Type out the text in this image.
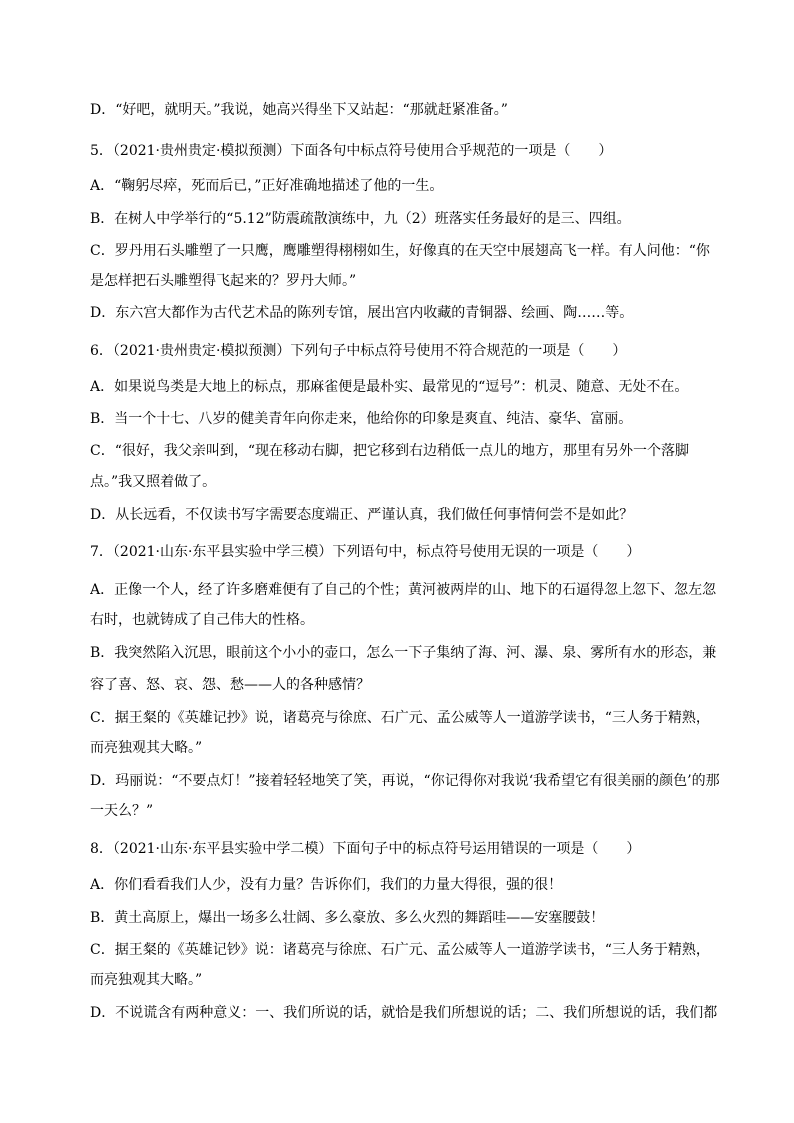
D．“好吧，就明天。”我说，她高兴得坐下又站起：“那就赶紧准备。”
5．（2021·贵州贵定·模拟预测）下面各句中标点符号使用合乎规范的一项是（　　）
A．“鞠躬尽瘁，死而后已，”正好准确地描述了他的一生。
B．在树人中学举行的“5.12”防震疏散演练中，九（2）班落实任务最好的是三、四组。
C．罗丹用石头雕塑了一只鹰，鹰雕塑得栩栩如生，好像真的在天空中展翅高飞一样。有人问他：“你
是怎样把石头雕塑得飞起来的？罗丹大师。”
D．东六宫大都作为古代艺术品的陈列专馆，展出宫内收藏的青铜器、绘画、陶……等。
6．（2021·贵州贵定·模拟预测）下列句子中标点符号使用不符合规范的一项是（　　）
A．如果说鸟类是大地上的标点，那麻雀便是最朴实、最常见的“逗号”：机灵、随意、无处不在。
B．当一个十七、八岁的健美青年向你走来，他给你的印象是爽直、纯洁、豪华、富丽。
C．“很好，我父亲叫到，“现在移动右脚，把它移到右边稍低一点儿的地方，那里有另外一个落脚
点。”我又照着做了。
D．从长远看，不仅读书写字需要态度端正、严谨认真，我们做任何事情何尝不是如此？
7．（2021·山东·东平县实验中学三模）下列语句中，标点符号使用无误的一项是（　　）
A．正像一个人，经了许多磨难便有了自己的个性；黄河被两岸的山、地下的石逼得忽上忽下、忽左忽
右时，也就铸成了自己伟大的性格。
B．我突然陷入沉思，眼前这个小小的壶口，怎么一下子集纳了海、河、瀑、泉、雾所有水的形态，兼
容了喜、怒、哀、怨、愁——人的各种感情？
C．据王粲的《英雄记抄》说，诸葛亮与徐庶、石广元、孟公威等人一道游学读书，“三人务于精熟，
而亮独观其大略。”
D．玛丽说：“不要点灯！”接着轻轻地笑了笑，再说，“你记得你对我说‘我希望它有很美丽的颜色’的那
一天么？”
8．（2021·山东·东平县实验中学二模）下面句子中的标点符号运用错误的一项是（　　）
A．你们看看我们人少，没有力量？告诉你们，我们的力量大得很，强的很！
B．黄土高原上，爆出一场多么壮阔、多么豪放、多么火烈的舞蹈哇——安塞腰鼓！
C．据王粲的《英雄记钞》说：诸葛亮与徐庶、石广元、孟公威等人一道游学读书，“三人务于精熟，
而亮独观其大略。”
D．不说谎含有两种意义：一、我们所说的话，就恰是我们所想说的话；二、我们所想说的话，我们都
